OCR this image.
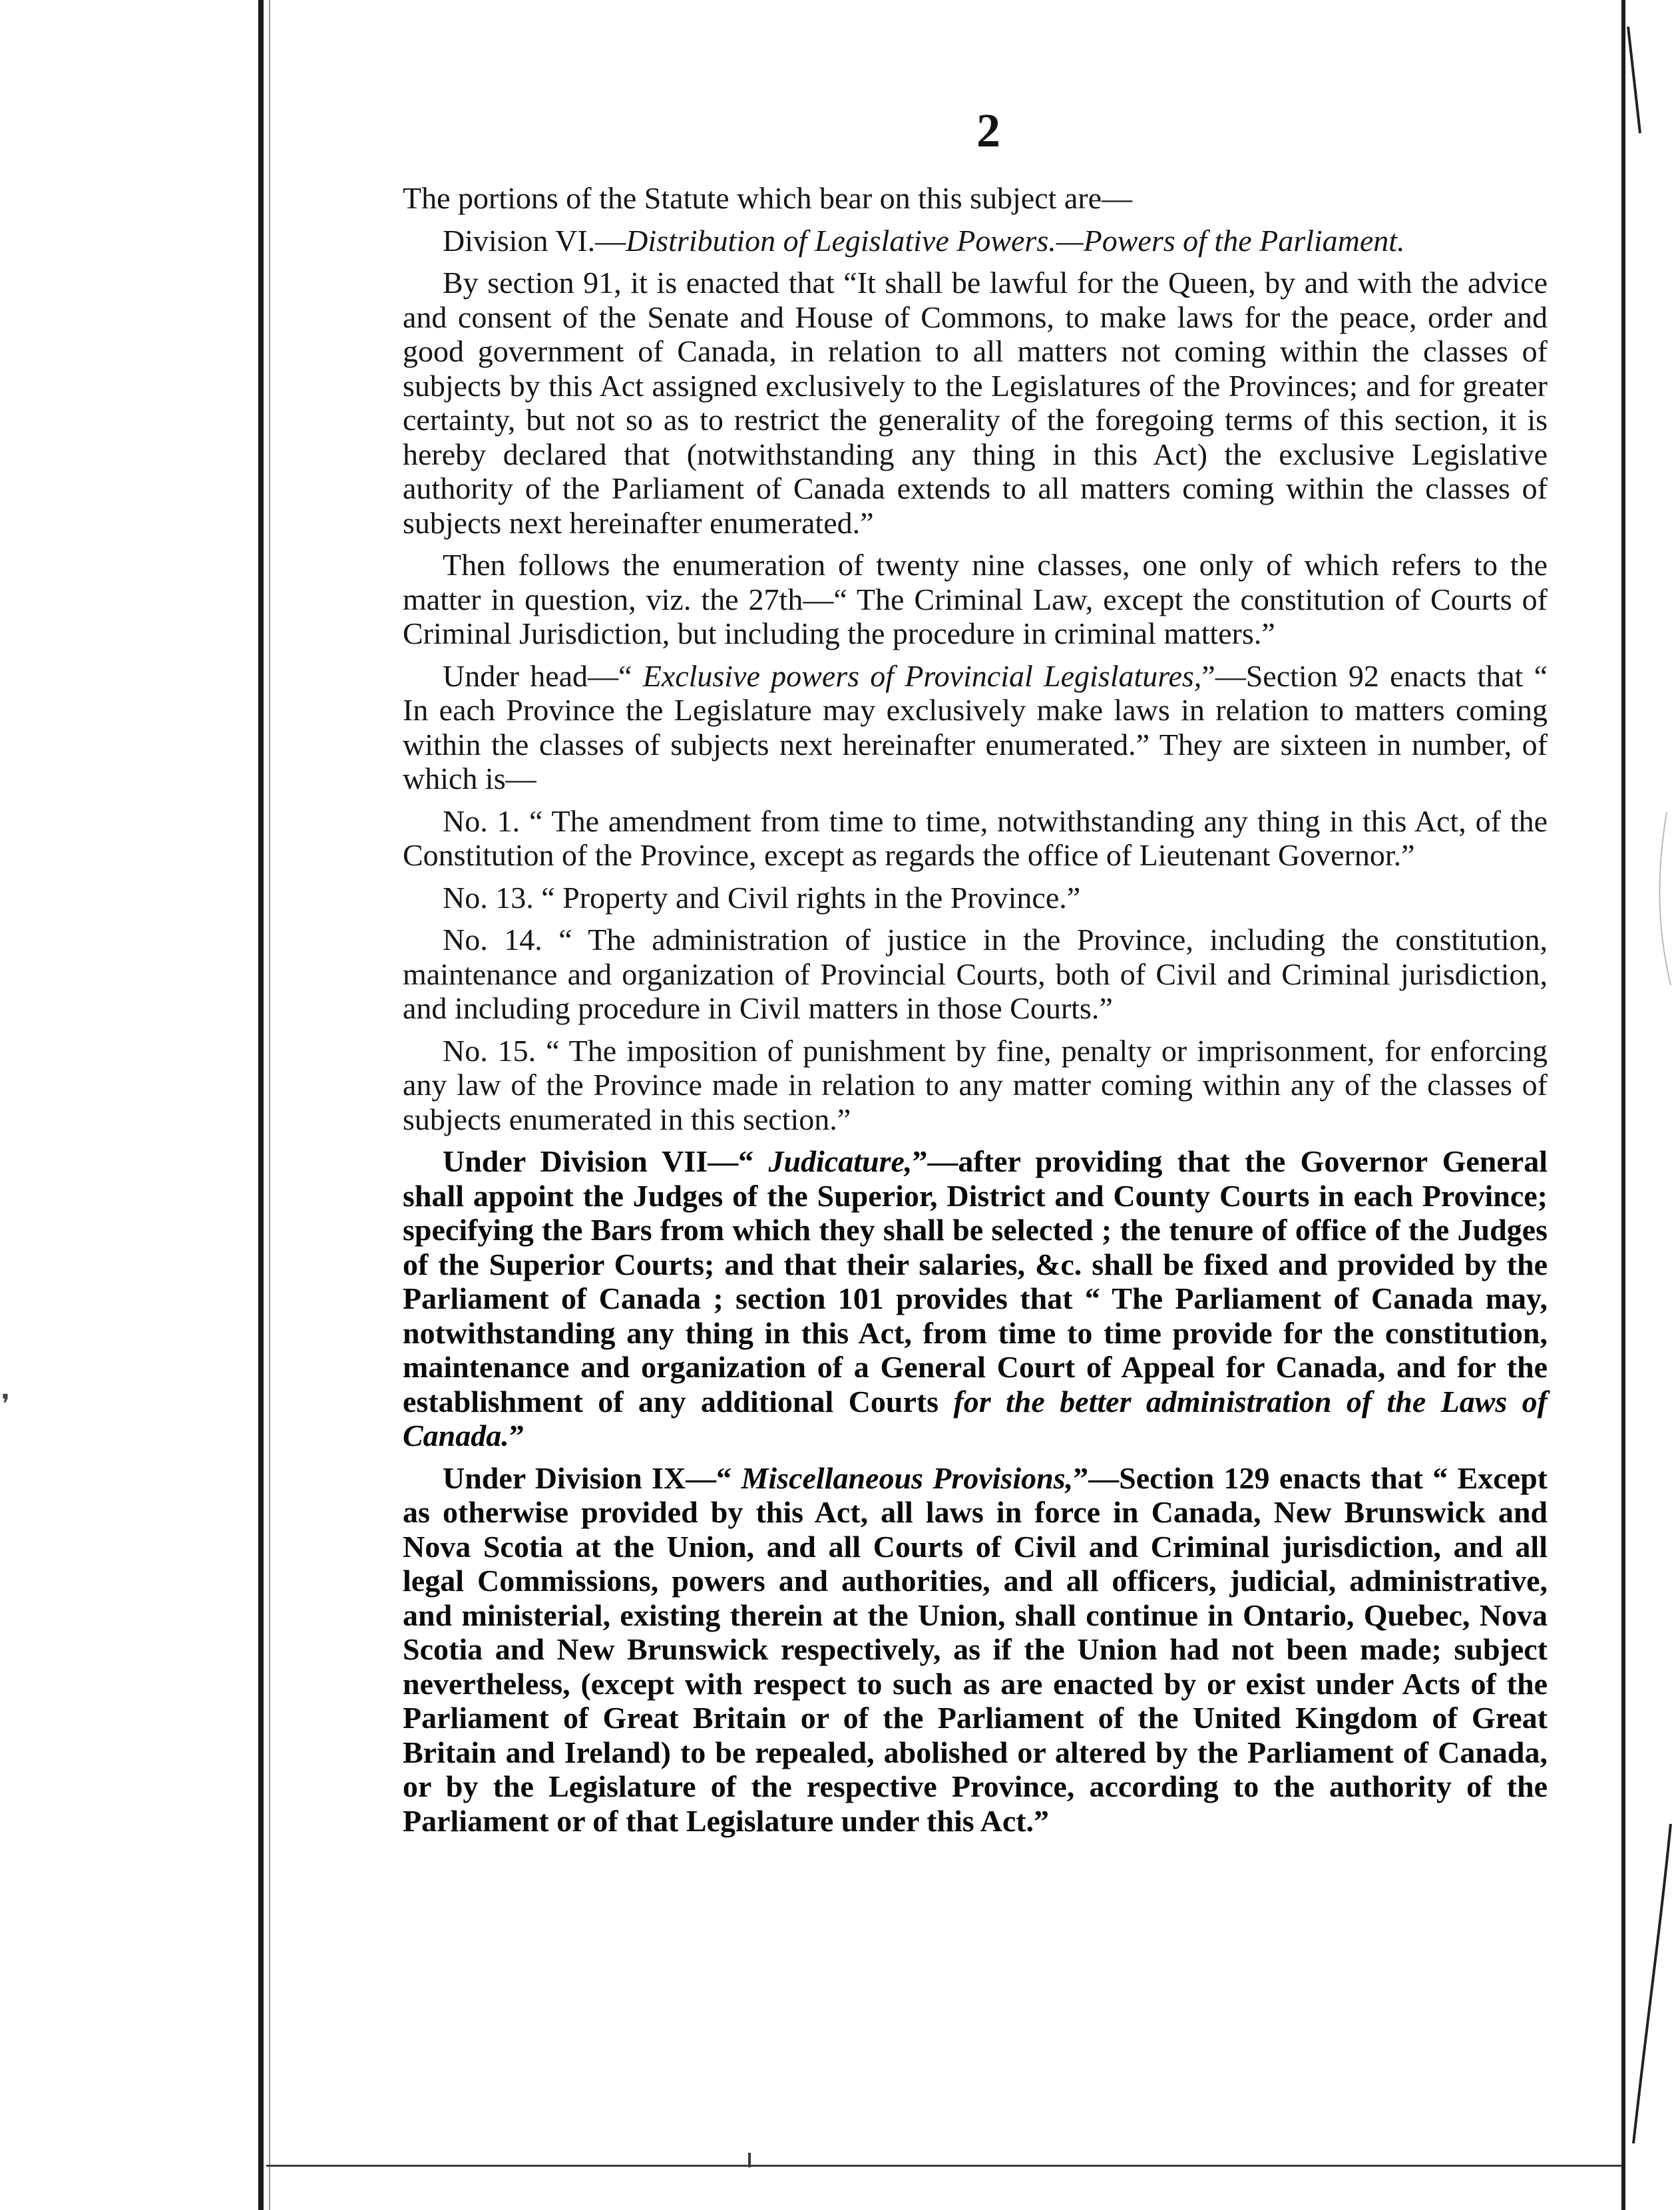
❜
2

The portions of the Statute which bear on this subject are—

Division VI.—Distribution of Legislative Powers.—Powers of the Parliament.

By section 91, it is enacted that “It shall be lawful for the Queen, by and with the advice and consent of the Senate and House of Commons, to make laws for the peace, order and good government of Canada, in relation to all matters not coming within the classes of subjects by this Act assigned exclusively to the Legislatures of the Provinces; and for greater certainty, but not so as to restrict the generality of the foregoing terms of this section, it is hereby declared that (notwithstanding any thing in this Act) the exclusive Legislative authority of the Parliament of Canada extends to all matters coming within the classes of subjects next hereinafter enumerated.”

Then follows the enumeration of twenty nine classes, one only of which refers to the matter in question, viz. the 27th—“ The Criminal Law, except the constitution of Courts of Criminal Jurisdiction, but including the procedure in criminal matters.”

Under head—“ Exclusive powers of Provincial Legislatures,”—Section 92 enacts that “ In each Province the Legislature may exclusively make laws in relation to matters coming within the classes of subjects next hereinafter enumerated.” They are sixteen in number, of which is—

No. 1. “ The amendment from time to time, notwithstanding any thing in this Act, of the Constitution of the Province, except as regards the office of Lieutenant Governor.”

No. 13. “ Property and Civil rights in the Province.”

No. 14. “ The administration of justice in the Province, including the constitution, maintenance and organization of Provincial Courts, both of Civil and Criminal jurisdiction, and including procedure in Civil matters in those Courts.”

No. 15. “ The imposition of punishment by fine, penalty or imprisonment, for enforcing any law of the Province made in relation to any matter coming within any of the classes of subjects enumerated in this section.”

Under Division VII—“ Judicature,”—after providing that the Governor General shall appoint the Judges of the Superior, District and County Courts in each Province; specifying the Bars from which they shall be selected ; the tenure of office of the Judges of the Superior Courts; and that their salaries, &c. shall be fixed and provided by the Parliament of Canada ; section 101 provides that “ The Parliament of Canada may, notwithstanding any thing in this Act, from time to time provide for the constitution, maintenance and organization of a General Court of Appeal for Canada, and for the establishment of any additional Courts for the better administration of the Laws of Canada.”

Under Division IX—“ Miscellaneous Provisions,”—Section 129 enacts that “ Except as otherwise provided by this Act, all laws in force in Canada, New Brunswick and Nova Scotia at the Union, and all Courts of Civil and Criminal jurisdiction, and all legal Commissions, powers and authorities, and all officers, judicial, administrative, and ministerial, existing therein at the Union, shall continue in Ontario, Quebec, Nova Scotia and New Brunswick respectively, as if the Union had not been made; subject nevertheless, (except with respect to such as are enacted by or exist under Acts of the Parliament of Great Britain or of the Parliament of the United Kingdom of Great Britain and Ireland) to be repealed, abolished or altered by the Parliament of Canada, or by the Legislature of the respective Province, according to the authority of the Parliament or of that Legislature under this Act.”
